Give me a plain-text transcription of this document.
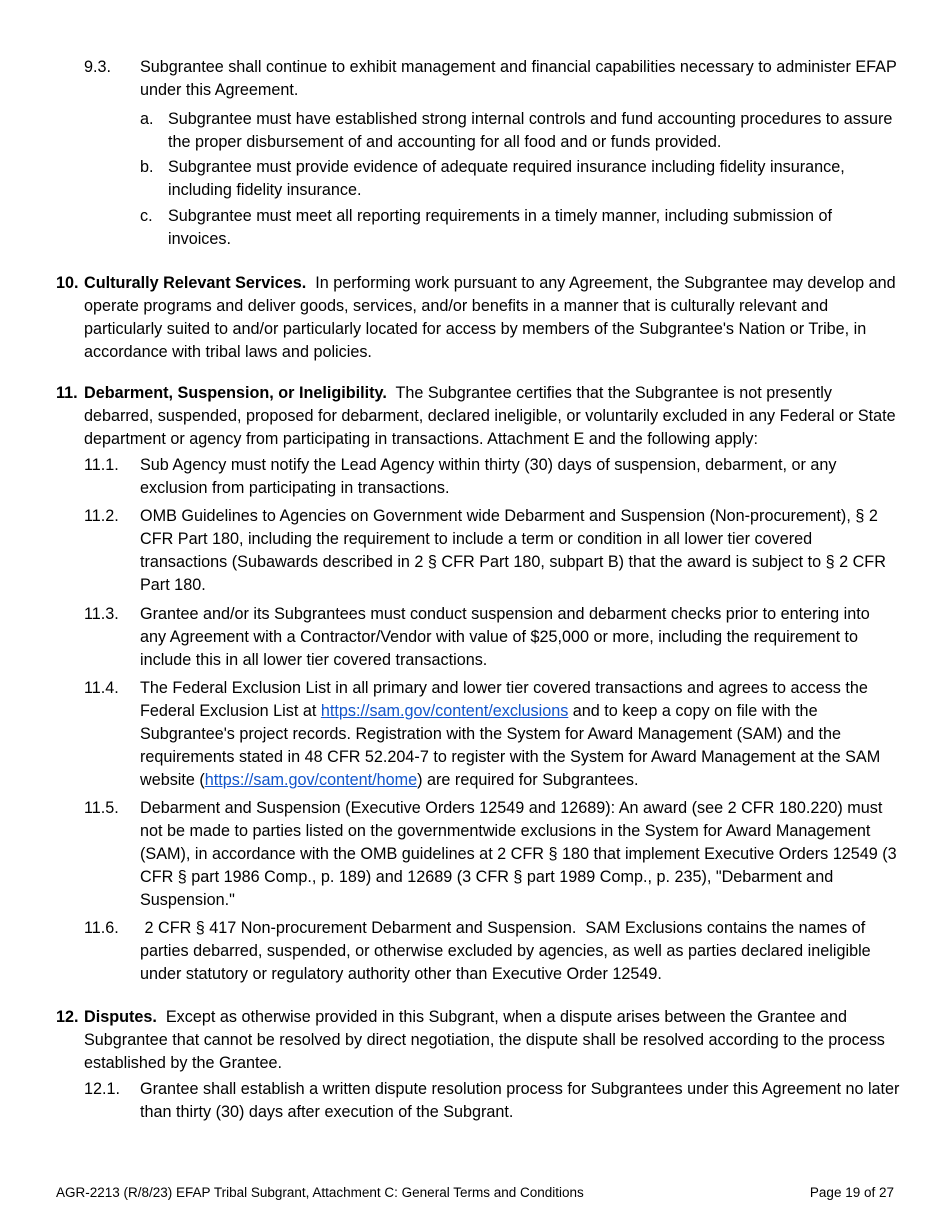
9.3. Subgrantee shall continue to exhibit management and financial capabilities necessary to administer EFAP under this Agreement.
a. Subgrantee must have established strong internal controls and fund accounting procedures to assure the proper disbursement of and accounting for all food and or funds provided.
b. Subgrantee must provide evidence of adequate required insurance including fidelity insurance, including fidelity insurance.
c. Subgrantee must meet all reporting requirements in a timely manner, including submission of invoices.
10. Culturally Relevant Services. In performing work pursuant to any Agreement, the Subgrantee may develop and operate programs and deliver goods, services, and/or benefits in a manner that is culturally relevant and particularly suited to and/or particularly located for access by members of the Subgrantee's Nation or Tribe, in accordance with tribal laws and policies.
11. Debarment, Suspension, or Ineligibility. The Subgrantee certifies that the Subgrantee is not presently debarred, suspended, proposed for debarment, declared ineligible, or voluntarily excluded in any Federal or State department or agency from participating in transactions. Attachment E and the following apply:
11.1. Sub Agency must notify the Lead Agency within thirty (30) days of suspension, debarment, or any exclusion from participating in transactions.
11.2. OMB Guidelines to Agencies on Government wide Debarment and Suspension (Non-procurement), § 2 CFR Part 180, including the requirement to include a term or condition in all lower tier covered transactions (Subawards described in 2 § CFR Part 180, subpart B) that the award is subject to § 2 CFR Part 180.
11.3. Grantee and/or its Subgrantees must conduct suspension and debarment checks prior to entering into any Agreement with a Contractor/Vendor with value of $25,000 or more, including the requirement to include this in all lower tier covered transactions.
11.4. The Federal Exclusion List in all primary and lower tier covered transactions and agrees to access the Federal Exclusion List at https://sam.gov/content/exclusions and to keep a copy on file with the Subgrantee's project records. Registration with the System for Award Management (SAM) and the requirements stated in 48 CFR 52.204-7 to register with the System for Award Management at the SAM website (https://sam.gov/content/home) are required for Subgrantees.
11.5. Debarment and Suspension (Executive Orders 12549 and 12689): An award (see 2 CFR 180.220) must not be made to parties listed on the governmentwide exclusions in the System for Award Management (SAM), in accordance with the OMB guidelines at 2 CFR § 180 that implement Executive Orders 12549 (3 CFR § part 1986 Comp., p. 189) and 12689 (3 CFR § part 1989 Comp., p. 235), "Debarment and Suspension."
11.6. 2 CFR § 417 Non-procurement Debarment and Suspension.  SAM Exclusions contains the names of parties debarred, suspended, or otherwise excluded by agencies, as well as parties declared ineligible under statutory or regulatory authority other than Executive Order 12549.
12. Disputes. Except as otherwise provided in this Subgrant, when a dispute arises between the Grantee and Subgrantee that cannot be resolved by direct negotiation, the dispute shall be resolved according to the process established by the Grantee.
12.1. Grantee shall establish a written dispute resolution process for Subgrantees under this Agreement no later than thirty (30) days after execution of the Subgrant.
AGR-2213 (R/8/23) EFAP Tribal Subgrant, Attachment C: General Terms and Conditions	Page 19 of 27
